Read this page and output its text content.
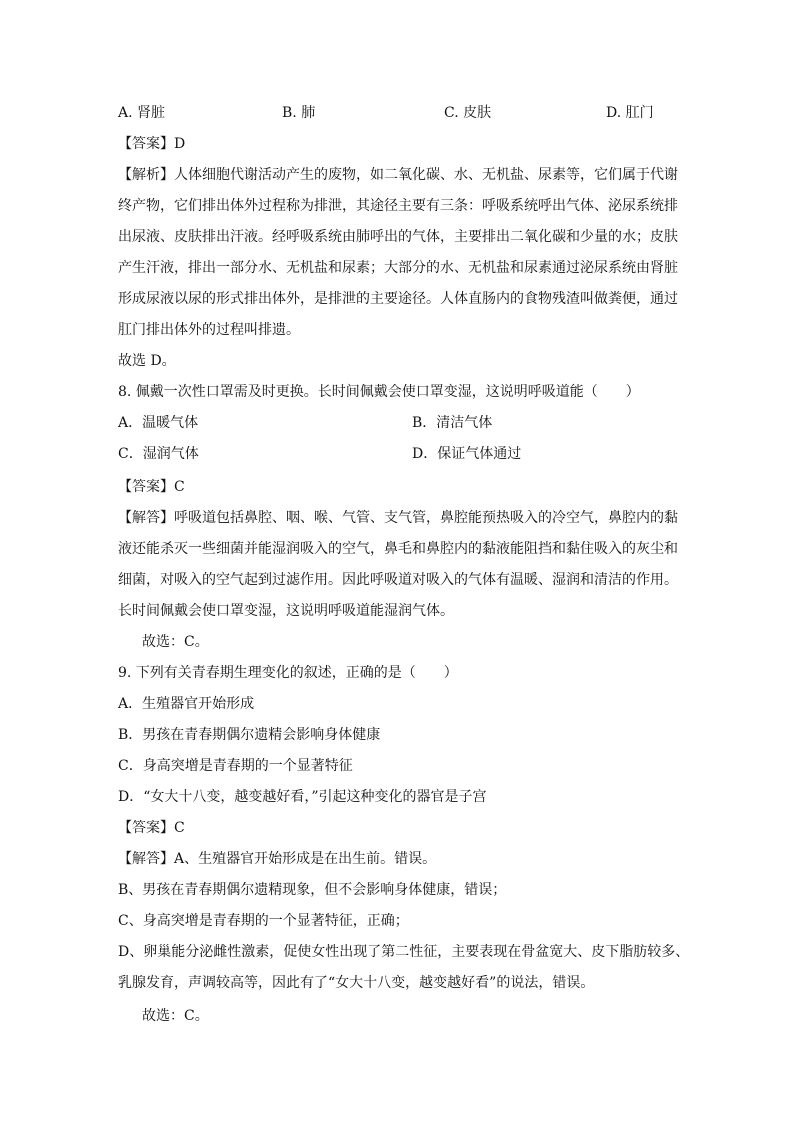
A. 肾脏	B. 肺	C. 皮肤	D. 肛门
【答案】D
【解析】人体细胞代谢活动产生的废物，如二氧化碳、水、无机盐、尿素等，它们属于代谢
终产物，它们排出体外过程称为排泄，其途径主要有三条：呼吸系统呼出气体、泌尿系统排
出尿液、皮肤排出汗液。经呼吸系统由肺呼出的气体，主要排出二氧化碳和少量的水；皮肤
产生汗液，排出一部分水、无机盐和尿素；大部分的水、无机盐和尿素通过泌尿系统由肾脏
形成尿液以尿的形式排出体外，是排泄的主要途径。人体直肠内的食物残渣叫做粪便，通过
肛门排出体外的过程叫排遗。
故选 D。
8. 佩戴一次性口罩需及时更换。长时间佩戴会使口罩变湿，这说明呼吸道能（　　）
A．温暖气体	B．清洁气体
C．湿润气体	D．保证气体通过
【答案】C
【解答】呼吸道包括鼻腔、咽、喉、气管、支气管，鼻腔能预热吸入的冷空气，鼻腔内的黏
液还能杀灭一些细菌并能湿润吸入的空气，鼻毛和鼻腔内的黏液能阻挡和黏住吸入的灰尘和
细菌，对吸入的空气起到过滤作用。因此呼吸道对吸入的气体有温暖、湿润和清洁的作用。
长时间佩戴会使口罩变湿，这说明呼吸道能湿润气体。
故选：C。
9. 下列有关青春期生理变化的叙述，正确的是（　　）
A．生殖器官开始形成
B．男孩在青春期偶尔遗精会影响身体健康
C．身高突增是青春期的一个显著特征
D．“女大十八变，越变越好看，”引起这种变化的器官是子宫
【答案】C
【解答】A、生殖器官开始形成是在出生前。错误。
B、男孩在青春期偶尔遗精现象，但不会影响身体健康，错误；
C、身高突增是青春期的一个显著特征，正确；
D、卵巢能分泌雌性激素，促使女性出现了第二性征，主要表现在骨盆宽大、皮下脂肪较多、
乳腺发育，声调较高等，因此有了“女大十八变，越变越好看”的说法，错误。
故选：C。
